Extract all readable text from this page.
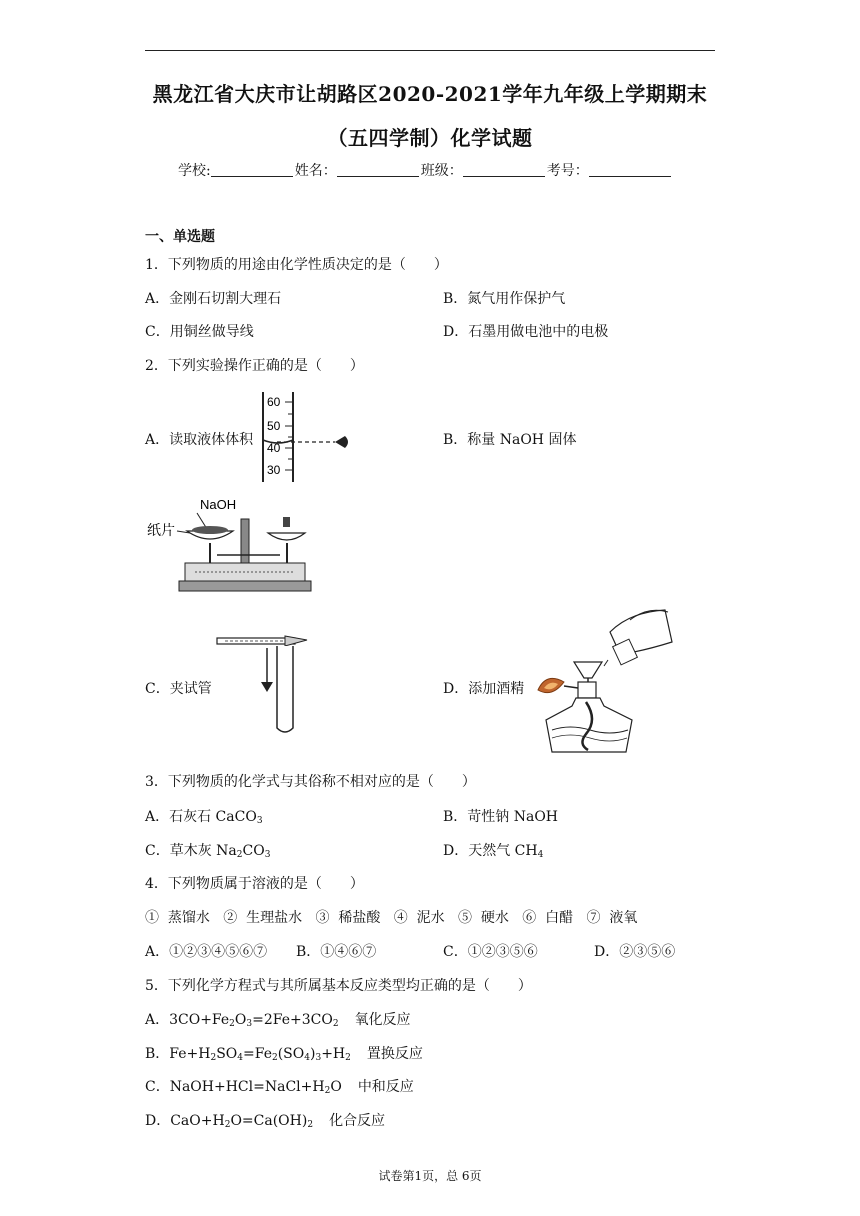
黑龙江省大庆市让胡路区2020-2021学年九年级上学期期末
（五四学制）化学试题
学校:	姓名：	班级：	考号：
一、单选题
1．下列物质的用途由化学性质决定的是（　　）
A．金刚石切割大理石	B．氮气用作保护气
C．用铜丝做导线	D．石墨用做电池中的电极
2．下列实验操作正确的是（　　）
A．读取液体体积	B．称量 NaOH 固体
60
50
40
30
NaOH
纸片
C．夹试管	D．添加酒精
3．下列物质的化学式与其俗称不相对应的是（　　）
A．石灰石 CaCO$_3$	B．苛性钠 NaOH
C．草木灰 $Na_2CO_3$	D．天然气 $CH_4$
4．下列物质属于溶液的是（　　）
①  蒸馏水   ②  生理盐水   ③  稀盐酸   ④  泥水   ⑤  硬水   ⑥  白醋   ⑦  液氧
A．①②③④⑤⑥⑦ B．①④⑥⑦	C．①②③⑤⑥	D．②③⑤⑥
5．下列化学方程式与其所属基本反应类型均正确的是（　　）
A．$3CO+Fe_2O_3=2Fe+3CO_2$ 氧化反应
B．$Fe+H_2SO_4=Fe_2(SO_4)_3+H_2$ 置换反应
C．$NaOH+HCl=NaCl+H_2O$ 中和反应
D．$CaO+H_2O=Ca(OH)_2$ 化合反应
试卷第1页，总 6页
